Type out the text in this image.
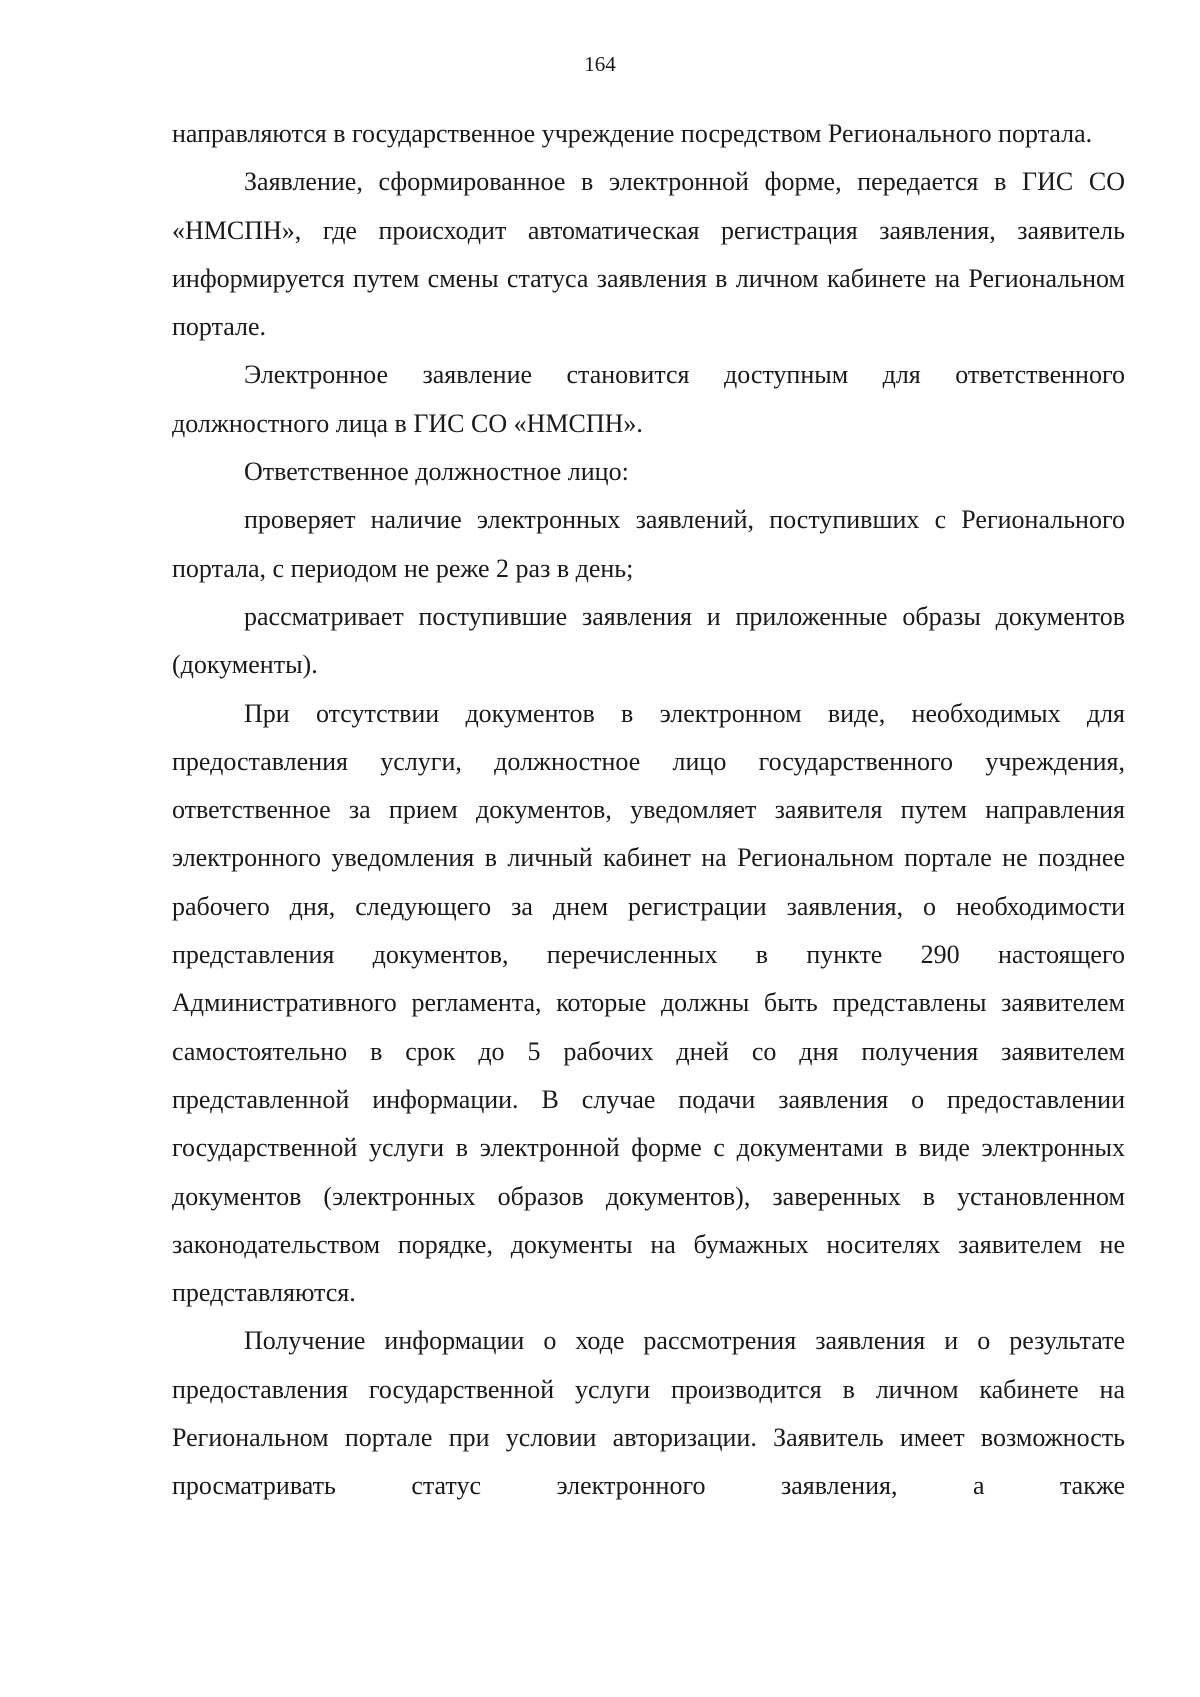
164

направляются в государственное учреждение посредством Регионального портала.

Заявление, сформированное в электронной форме, передается в ГИС СО «НМСПН», где происходит автоматическая регистрация заявления, заявитель информируется путем смены статуса заявления в личном кабинете на Региональном портале.

Электронное заявление становится доступным для ответственного должностного лица в ГИС СО «НМСПН».

Ответственное должностное лицо:

проверяет наличие электронных заявлений, поступивших с Регионального портала, с периодом не реже 2 раз в день;

рассматривает поступившие заявления и приложенные образы документов (документы).

При отсутствии документов в электронном виде, необходимых для предоставления услуги, должностное лицо государственного учреждения, ответственное за прием документов, уведомляет заявителя путем направления электронного уведомления в личный кабинет на Региональном портале не позднее рабочего дня, следующего за днем регистрации заявления, о необходимости представления документов, перечисленных в пункте 290 настоящего Административного регламента, которые должны быть представлены заявителем самостоятельно в срок до 5 рабочих дней со дня получения заявителем представленной информации. В случае подачи заявления о предоставлении государственной услуги в электронной форме с документами в виде электронных документов (электронных образов документов), заверенных в установленном законодательством порядке, документы на бумажных носителях заявителем не представляются.

Получение информации о ходе рассмотрения заявления и о результате предоставления государственной услуги производится в личном кабинете на Региональном портале при условии авторизации. Заявитель имеет возможность просматривать статус электронного заявления, а также
